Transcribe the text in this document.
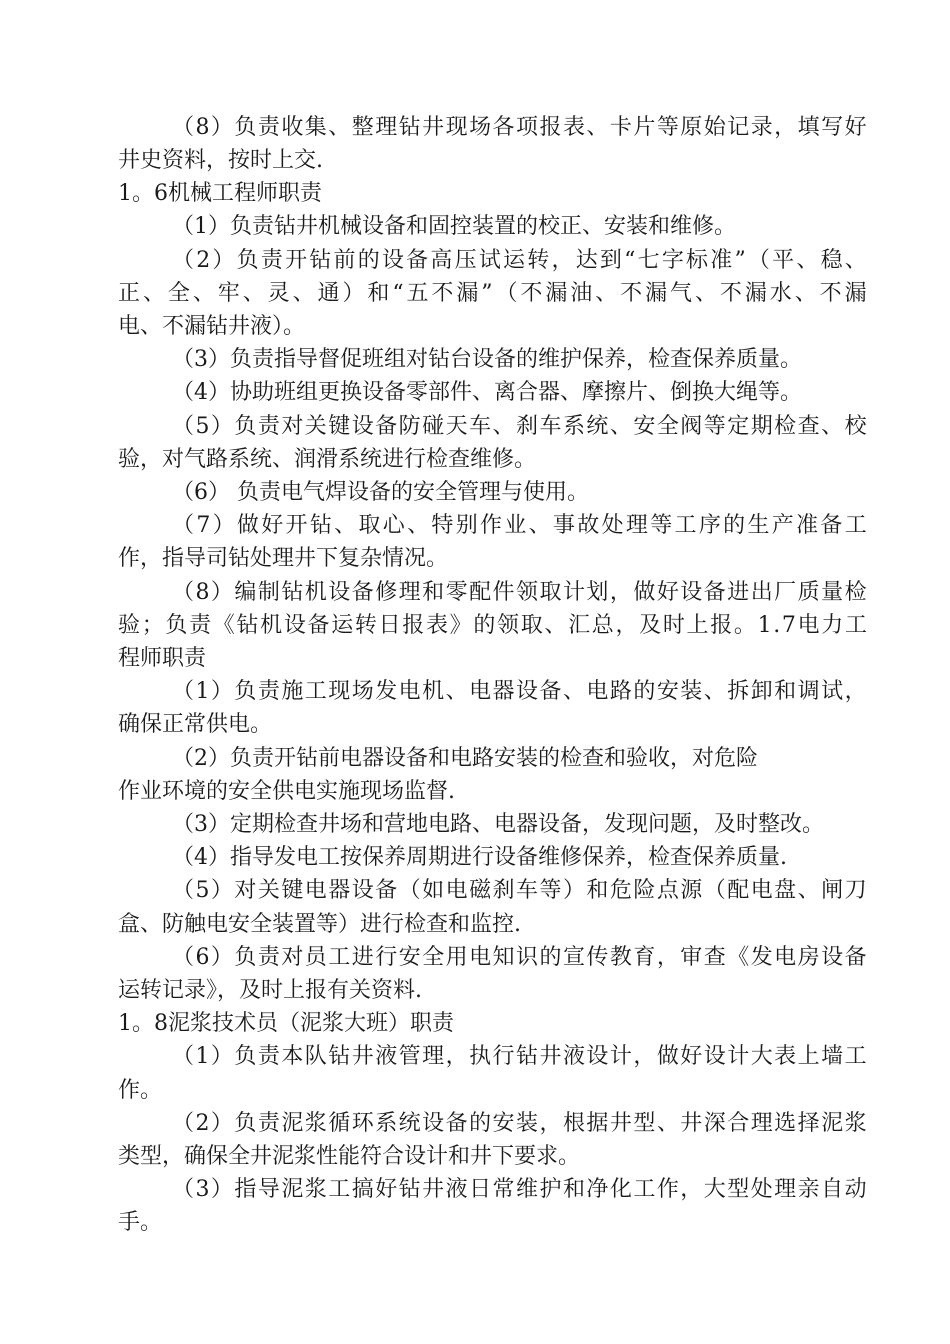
（ 8 ） 负 责 收 集 、 整 理 钻 井 现 场 各 项 报 表 、 卡 片 等 原 始 记 录 ， 填 写 好
井史资料，按时上交.
1。6机械工程师职责
（1）负责钻井机械设备和固控装置的校正、安装和维修。
（ 2 ） 负 责 开 钻 前 的 设 备 高 压 试 运 转 ， 达 到 “ 七 字 标 准 ” （ 平 、 稳 、
正 、 全 、 牢 、 灵 、 通 ） 和 “ 五 不 漏 ” （ 不 漏 油 、 不 漏 气 、 不 漏 水 、 不 漏
电、不漏钻井液）。
（3）负责指导督促班组对钻台设备的维护保养，检查保养质量。
（4）协助班组更换设备零部件、离合器、摩擦片、倒换大绳等。
（ 5 ） 负 责 对 关 键 设 备 防 碰 天 车 、 刹 车 系 统 、 安 全 阀 等 定 期 检 查 、 校
验，对气路系统、润滑系统进行检查维修。
（6） 负责电气焊设备的安全管理与使用。
（ 7 ） 做 好 开 钻 、 取 心 、 特 别 作 业 、 事 故 处 理 等 工 序 的 生 产 准 备 工
作，指导司钻处理井下复杂情况。
（ 8 ） 编 制 钻 机 设 备 修 理 和 零 配 件 领 取 计 划 ， 做 好 设 备 进 出 厂 质 量 检
验 ； 负 责 《 钻 机 设 备 运 转 日 报 表 》 的 领 取 、 汇 总 ， 及 时 上 报 。 1 . 7 电 力 工
程师职责
（ 1 ） 负 责 施 工 现 场 发 电 机 、 电 器 设 备 、 电 路 的 安 装 、 拆 卸 和 调 试 ，
确保正常供电。
（2）负责开钻前电器设备和电路安装的检查和验收，对危险
作业环境的安全供电实施现场监督.
（3）定期检查井场和营地电路、电器设备，发现问题，及时整改。
（4）指导发电工按保养周期进行设备维修保养，检查保养质量.
（ 5 ） 对 关 键 电 器 设 备 （ 如 电 磁 刹 车 等 ） 和 危 险 点 源 （ 配 电 盘 、 闸 刀
盒、防触电安全装置等）进行检查和监控.
（ 6 ） 负 责 对 员 工 进 行 安 全 用 电 知 识 的 宣 传 教 育 ， 审 查 《 发 电 房 设 备
运转记录》，及时上报有关资料.
1。8泥浆技术员（泥浆大班）职责
（ 1 ） 负 责 本 队 钻 井 液 管 理 ， 执 行 钻 井 液 设 计 ， 做 好 设 计 大 表 上 墙 工
作。
（ 2 ） 负 责 泥 浆 循 环 系 统 设 备 的 安 装 ， 根 据 井 型 、 井 深 合 理 选 择 泥 浆
类型，确保全井泥浆性能符合设计和井下要求。
（ 3 ） 指 导 泥 浆 工 搞 好 钻 井 液 日 常 维 护 和 净 化 工 作 ， 大 型 处 理 亲 自 动
手。
